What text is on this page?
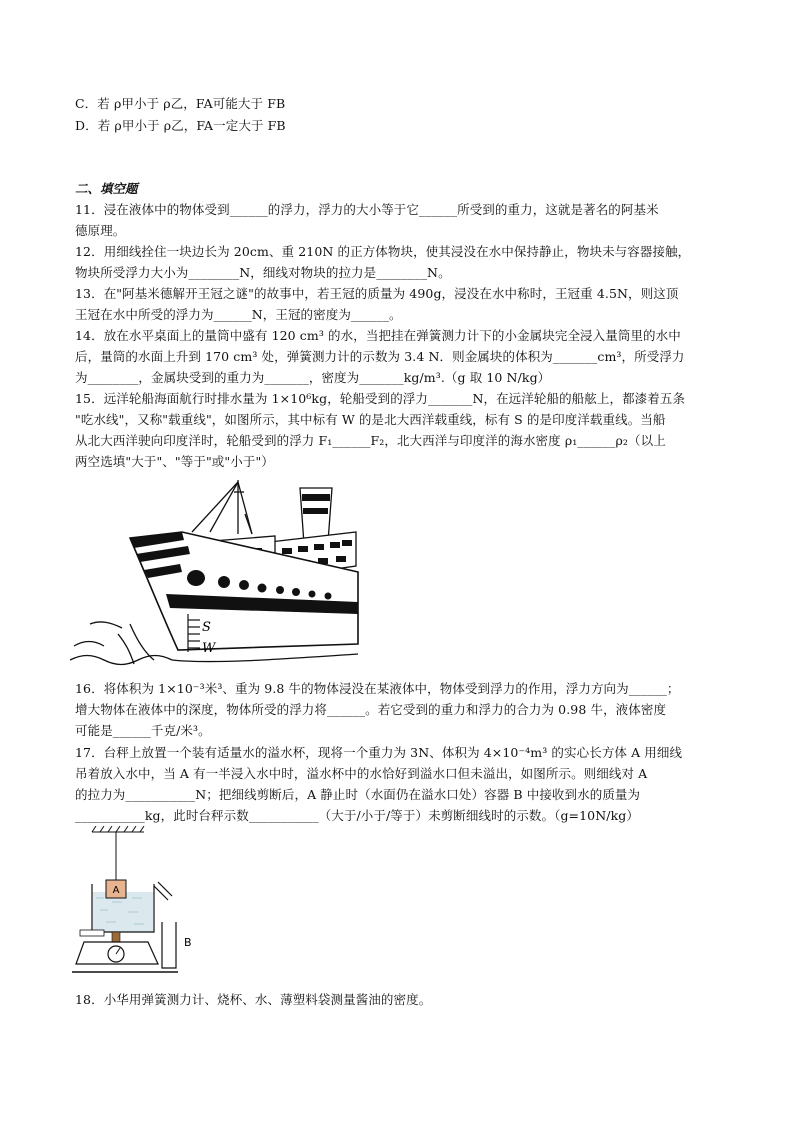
C．若 ρ甲小于 ρ乙，FA可能大于 FB
D．若 ρ甲小于 ρ乙，FA一定大于 FB
二、填空题
11．浸在液体中的物体受到______的浮力，浮力的大小等于它______所受到的重力，这就是著名的阿基米
德原理。
12．用细线拴住一块边长为 20cm、重 210N 的正方体物块，使其浸没在水中保持静止，物块未与容器接触，
物块所受浮力大小为________N，细线对物块的拉力是________N。
13．在"阿基米德解开王冠之谜"的故事中，若王冠的质量为 490g，浸没在水中称时，王冠重 4.5N，则这顶
王冠在水中所受的浮力为______N，王冠的密度为______。
14．放在水平桌面上的量筒中盛有 120 cm³ 的水，当把挂在弹簧测力计下的小金属块完全浸入量筒里的水中
后，量筒的水面上升到 170 cm³ 处，弹簧测力计的示数为 3.4 N．则金属块的体积为_______cm³，所受浮力
为________，金属块受到的重力为_______，密度为_______kg/m³.（g 取 10 N/kg）
15．远洋轮船海面航行时排水量为 1×10⁶kg，轮船受到的浮力_______N，在远洋轮船的船舷上，都漆着五条
"吃水线"，又称"载重线"，如图所示，其中标有 W 的是北大西洋载重线，标有 S 的是印度洋载重线。当船
从北大西洋驶向印度洋时，轮船受到的浮力 F₁______F₂，北大西洋与印度洋的海水密度 ρ₁______ρ₂（以上
两空选填"大于"、"等于"或"小于"）
S
W
16．将体积为 1×10⁻³米³、重为 9.8 牛的物体浸没在某液体中，物体受到浮力的作用，浮力方向为______；
增大物体在液体中的深度，物体所受的浮力将______。若它受到的重力和浮力的合力为 0.98 牛，液体密度
可能是______千克/米³。
17．台秤上放置一个装有适量水的溢水杯，现将一个重力为 3N、体积为 4×10⁻⁴m³ 的实心长方体 A 用细线
吊着放入水中，当 A 有一半浸入水中时，溢水杯中的水恰好到溢水口但未溢出，如图所示。则细线对 A
的拉力为___________N；把细线剪断后，A 静止时（水面仍在溢水口处）容器 B 中接收到水的质量为
___________kg，此时台秤示数___________（大于/小于/等于）未剪断细线时的示数。（g=10N/kg）
A
B
18．小华用弹簧测力计、烧杯、水、薄塑料袋测量酱油的密度。
